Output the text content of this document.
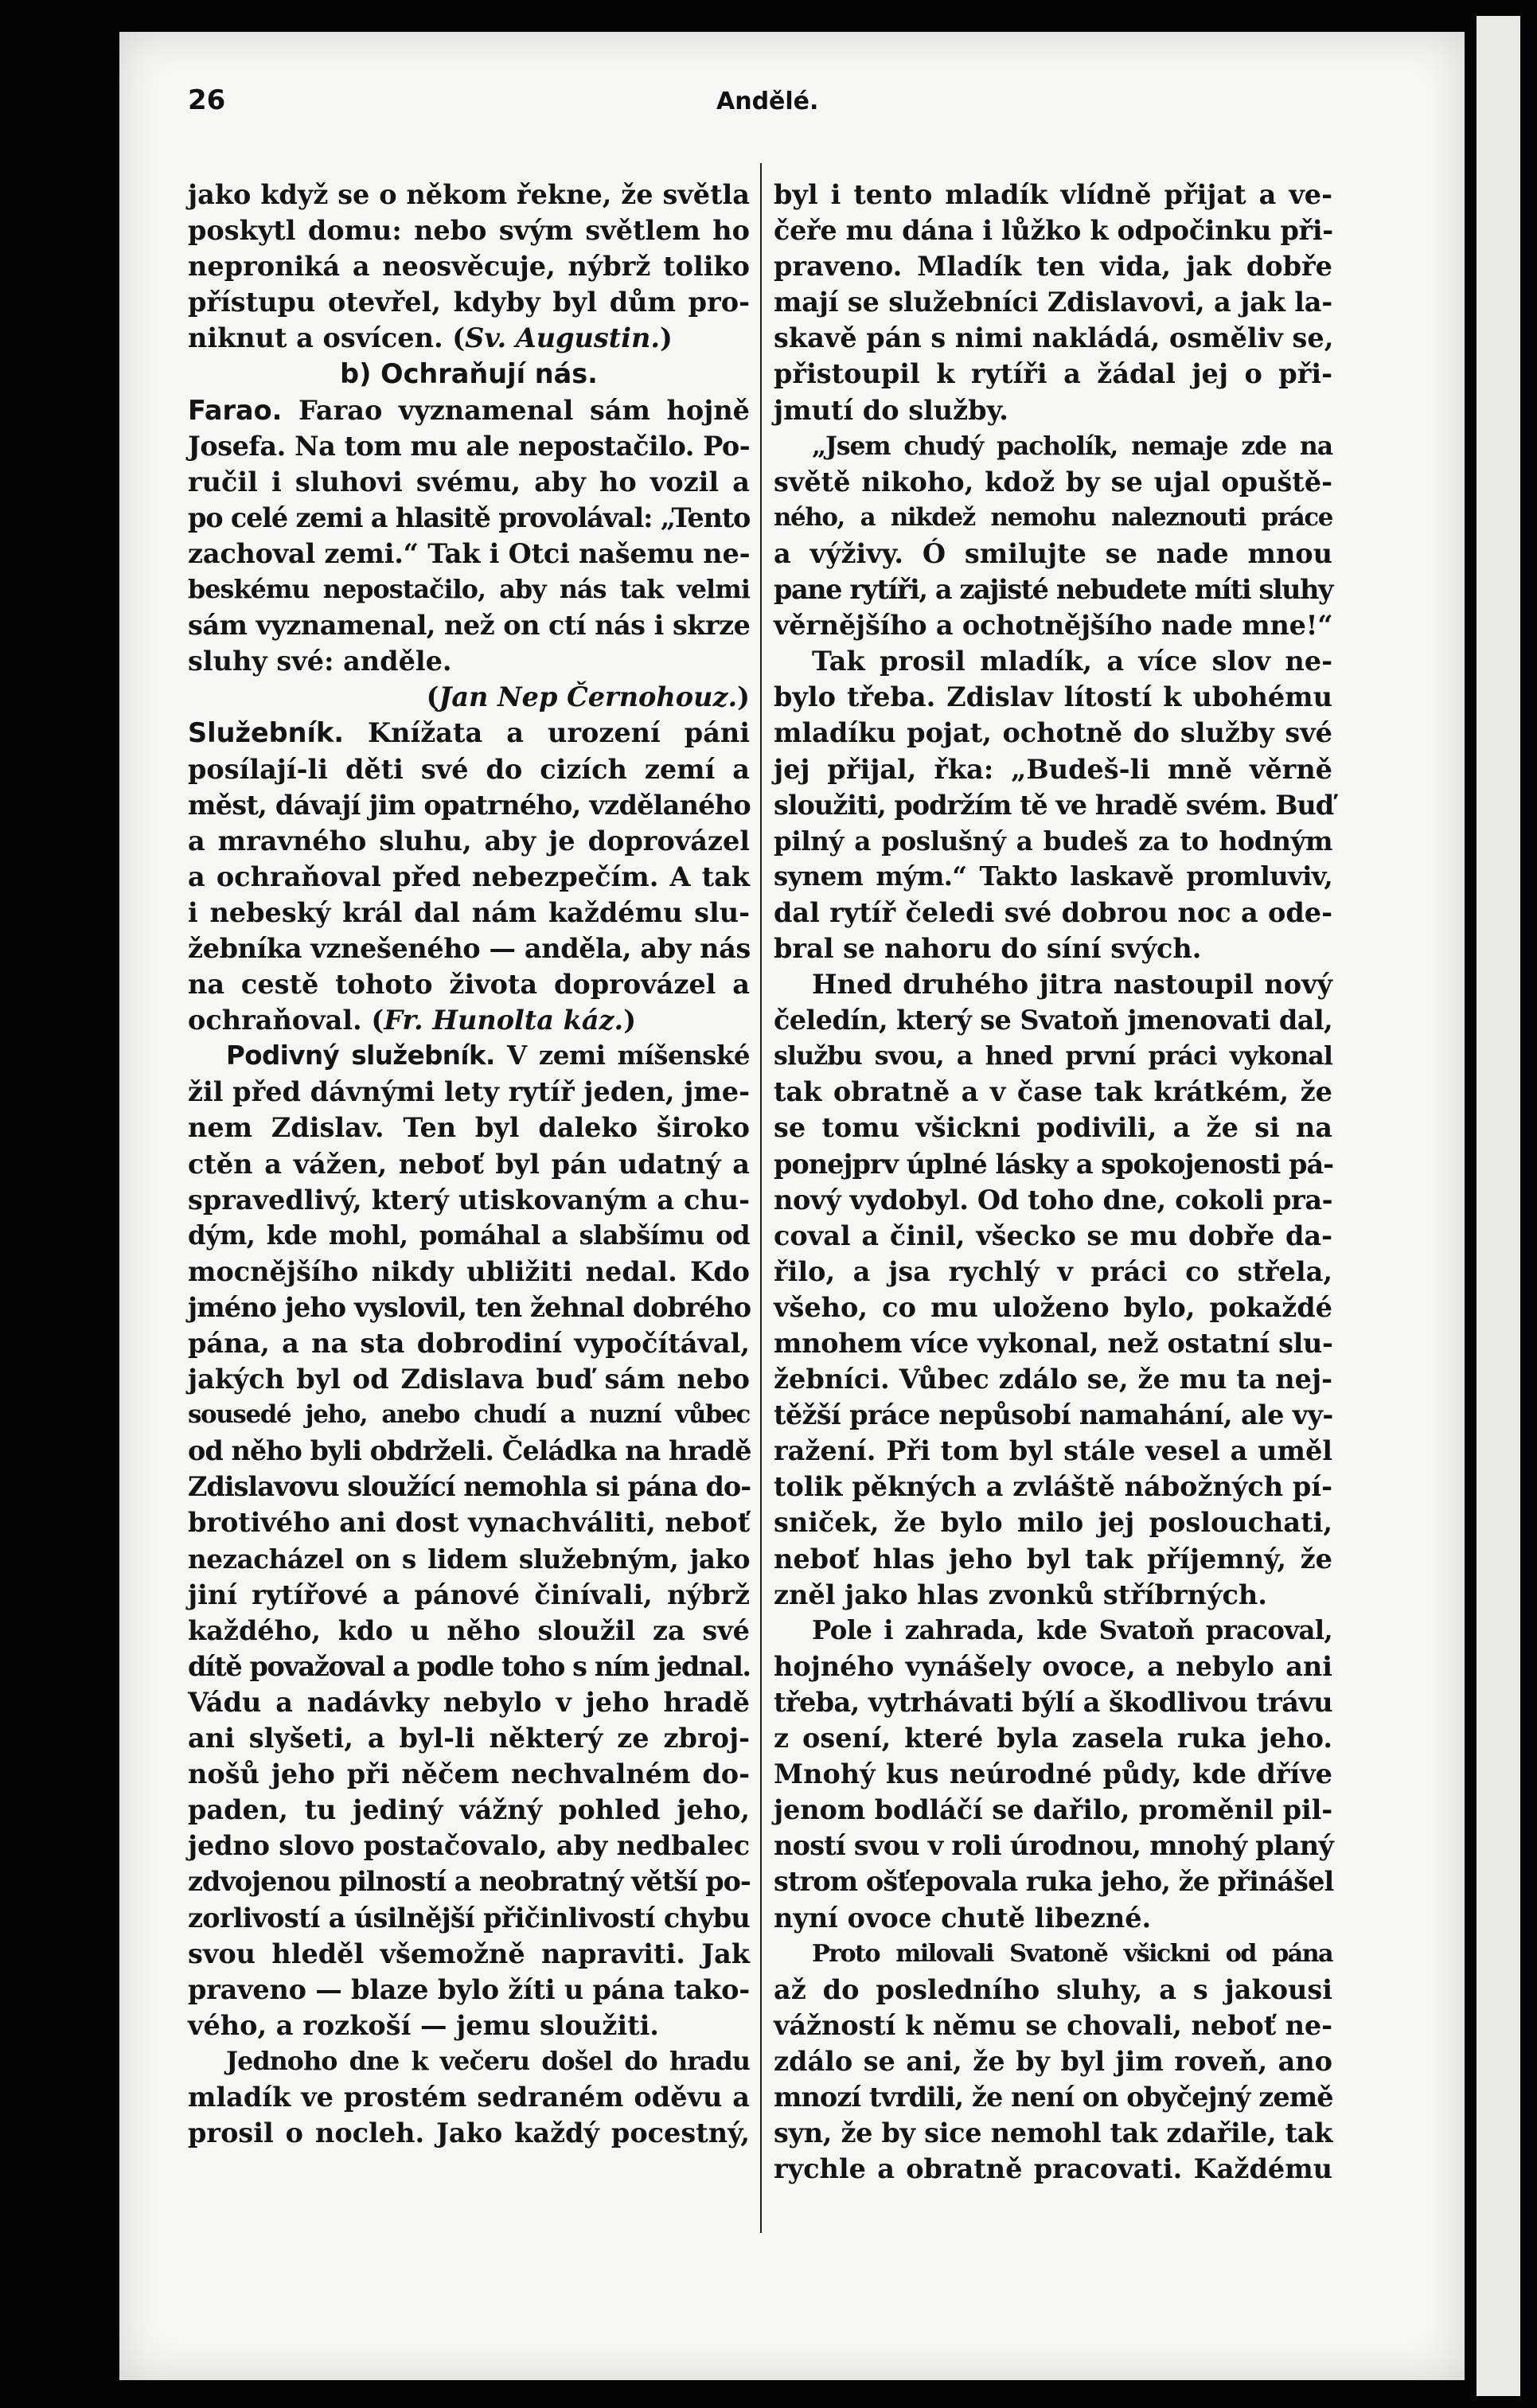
26	Andělé.
jako když se o někom řekne, že světla
poskytl domu: nebo svým světlem ho
neproniká a neosvěcuje, nýbrž toliko
přístupu otevřel, kdyby byl dům pro-
niknut a osvícen. (Sv. Augustin.)
b) Ochraňují nás.
Farao. Farao vyznamenal sám hojně
Josefa. Na tom mu ale nepostačilo. Po-
ručil i sluhovi svému, aby ho vozil a
po celé zemi a hlasitě provolával: „Tento
zachoval zemi.“ Tak i Otci našemu ne-
beskému nepostačilo, aby nás tak velmi
sám vyznamenal, než on ctí nás i skrze
sluhy své: anděle.
(Jan Nep Černohouz.)
Služebník. Knížata a urození páni
posílají-li děti své do cizích zemí a
měst, dávají jim opatrného, vzdělaného
a mravného sluhu, aby je doprovázel
a ochraňoval před nebezpečím. A tak
i nebeský král dal nám každému slu-
žebníka vznešeného — anděla, aby nás
na cestě tohoto života doprovázel a
ochraňoval. (Fr. Hunolta káz.)
Podivný služebník. V zemi míšenské
žil před dávnými lety rytíř jeden, jme-
nem Zdislav. Ten byl daleko široko
ctěn a vážen, neboť byl pán udatný a
spravedlivý, který utiskovaným a chu-
dým, kde mohl, pomáhal a slabšímu od
mocnějšího nikdy ubližiti nedal. Kdo
jméno jeho vyslovil, ten žehnal dobrého
pána, a na sta dobrodiní vypočítával,
jakých byl od Zdislava buď sám nebo
sousedé jeho, anebo chudí a nuzní vůbec
od něho byli obdrželi. Čeládka na hradě
Zdislavovu sloužící nemohla si pána do-
brotivého ani dost vynachváliti, neboť
nezacházel on s lidem služebným, jako
jiní rytířové a pánové činívali, nýbrž
každého, kdo u něho sloužil za své
dítě považoval a podle toho s ním jednal.
Vádu a nadávky nebylo v jeho hradě
ani slyšeti, a byl-li některý ze zbroj-
nošů jeho při něčem nechvalném do-
paden, tu jediný vážný pohled jeho,
jedno slovo postačovalo, aby nedbalec
zdvojenou pilností a neobratný větší po-
zorlivostí a úsilnější přičinlivostí chybu
svou hleděl všemožně napraviti. Jak
praveno — blaze bylo žíti u pána tako-
vého, a rozkoší — jemu sloužiti.
Jednoho dne k večeru došel do hradu
mladík ve prostém sedraném oděvu a
prosil o nocleh. Jako každý pocestný,
byl i tento mladík vlídně přijat a ve-
čeře mu dána i lůžko k odpočinku při-
praveno. Mladík ten vida, jak dobře
mají se služebníci Zdislavovi, a jak la-
skavě pán s nimi nakládá, osměliv se,
přistoupil k rytíři a žádal jej o při-
jmutí do služby.
„Jsem chudý pacholík, nemaje zde na
světě nikoho, kdož by se ujal opuště-
ného, a nikdež nemohu naleznouti práce
a výživy. Ó smilujte se nade mnou
pane rytíři, a zajisté nebudete míti sluhy
věrnějšího a ochotnějšího nade mne!“
Tak prosil mladík, a více slov ne-
bylo třeba. Zdislav lítostí k ubohému
mladíku pojat, ochotně do služby své
jej přijal, řka: „Budeš-li mně věrně
sloužiti, podržím tě ve hradě svém. Buď
pilný a poslušný a budeš za to hodným
synem mým.“ Takto laskavě promluviv,
dal rytíř čeledi své dobrou noc a ode-
bral se nahoru do síní svých.
Hned druhého jitra nastoupil nový
čeledín, který se Svatoň jmenovati dal,
službu svou, a hned první práci vykonal
tak obratně a v čase tak krátkém, že
se tomu všickni podivili, a že si na
ponejprv úplné lásky a spokojenosti pá-
nový vydobyl. Od toho dne, cokoli pra-
coval a činil, všecko se mu dobře da-
řilo, a jsa rychlý v práci co střela,
všeho, co mu uloženo bylo, pokaždé
mnohem více vykonal, než ostatní slu-
žebníci. Vůbec zdálo se, že mu ta nej-
těžší práce nepůsobí namahání, ale vy-
ražení. Při tom byl stále vesel a uměl
tolik pěkných a zvláště nábožných pí-
sniček, že bylo milo jej poslouchati,
neboť hlas jeho byl tak příjemný, že
zněl jako hlas zvonků stříbrných.
Pole i zahrada, kde Svatoň pracoval,
hojného vynášely ovoce, a nebylo ani
třeba, vytrhávati býlí a škodlivou trávu
z osení, které byla zasela ruka jeho.
Mnohý kus neúrodné půdy, kde dříve
jenom bodláčí se dařilo, proměnil pil-
ností svou v roli úrodnou, mnohý planý
strom ošťepovala ruka jeho, že přinášel
nyní ovoce chutě libezné.
Proto milovali Svatoně všickni od pána
až do posledního sluhy, a s jakousi
vážností k němu se chovali, neboť ne-
zdálo se ani, že by byl jim roveň, ano
mnozí tvrdili, že není on obyčejný země
syn, že by sice nemohl tak zdařile, tak
rychle a obratně pracovati. Každému
